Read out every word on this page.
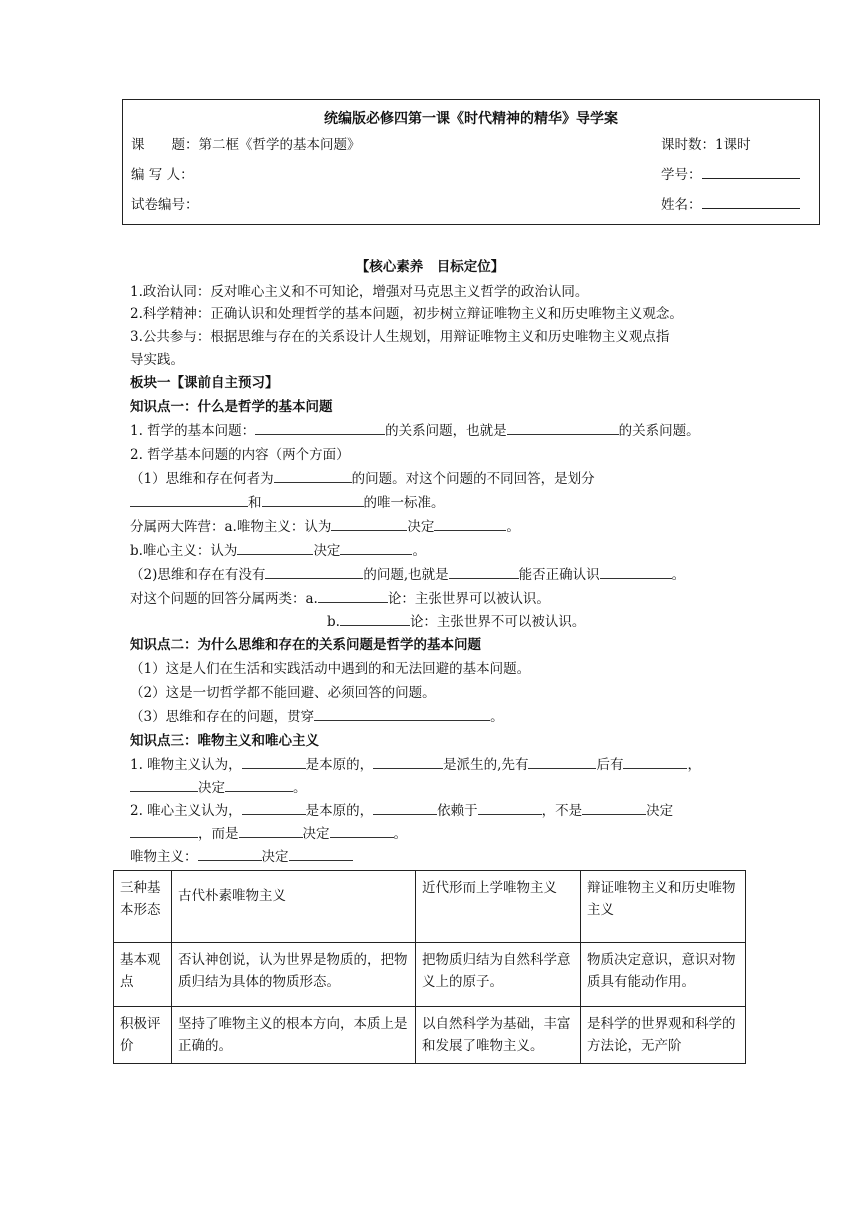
统编版必修四第一课《时代精神的精华》导学案
课　　题：第二框《哲学的基本问题》	课时数：1课时
编 写 人：	学号：
试卷编号：	姓名：
【核心素养　目标定位】
1.政治认同：反对唯心主义和不可知论，增强对马克思主义哲学的政治认同。
2.科学精神：正确认识和处理哲学的基本问题，初步树立辩证唯物主义和历史唯物主义观念。
3.公共参与：根据思维与存在的关系设计人生规划，用辩证唯物主义和历史唯物主义观点指
导实践。
板块一【课前自主预习】
知识点一：什么是哲学的基本问题
1. 哲学的基本问题：	的关系问题，也就是	的关系问题。
2. 哲学基本问题的内容（两个方面）
（1）思维和存在何者为	的问题。对这个问题的不同回答，是划分
和	的唯一标准。
分属两大阵营：a.唯物主义：认为	决定	。
b.唯心主义：认为	决定	。
（2)思维和存在有没有	的问题,也就是	能否正确认识	。
对这个问题的回答分属两类：a.	论：主张世界可以被认识。
b.	论：主张世界不可以被认识。
知识点二：为什么思维和存在的关系问题是哲学的基本问题
（1）这是人们在生活和实践活动中遇到的和无法回避的基本问题。
（2）这是一切哲学都不能回避、必须回答的问题。
（3）思维和存在的问题，贯穿	。
知识点三：唯物主义和唯心主义
1. 唯物主义认为，	是本原的，	是派生的,先有	后有	，
决定	。
2. 唯心主义认为，	是本原的，	依赖于	，不是	决定
，而是	决定	。
唯物主义：	决定
三种基本形态	古代朴素唯物主义	近代形而上学唯物主义	辩证唯物主义和历史唯物主义
基本观点	否认神创说，认为世界是物质的，把物质归结为具体的物质形态。	把物质归结为自然科学意义上的原子。	物质决定意识，意识对物质具有能动作用。
积极评价	坚持了唯物主义的根本方向，本质上是正确的。	以自然科学为基础，丰富和发展了唯物主义。	是科学的世界观和科学的 方法论，无产阶
